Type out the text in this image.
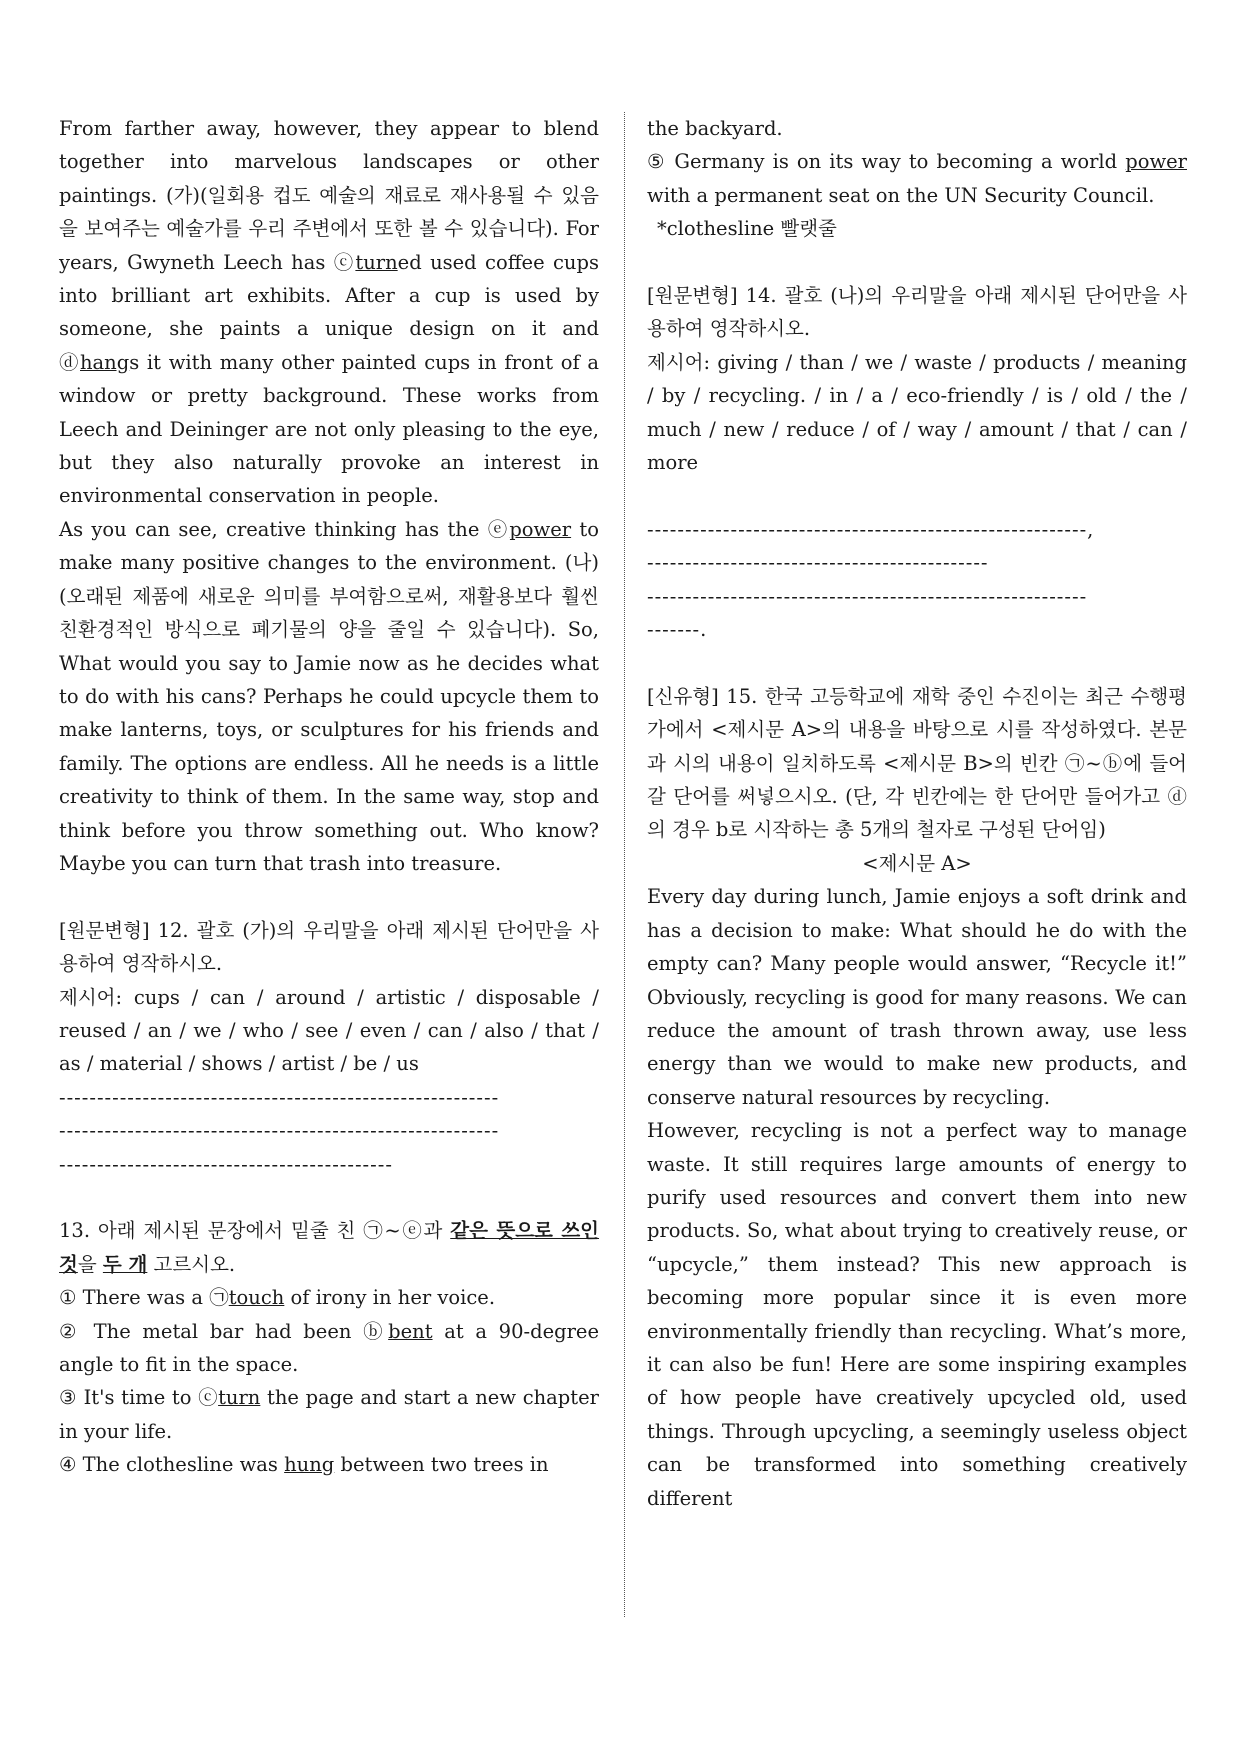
From farther away, however, they appear to blend together into marvelous landscapes or other paintings. (가)(일회용 컵도 예술의 재료로 재사용될 수 있음을 보여주는 예술가를 우리 주변에서 또한 볼 수 있습니다). For years, Gwyneth Leech has ⓒturned used coffee cups into brilliant art exhibits. After a cup is used by someone, she paints a unique design on it and ⓓhangs it with many other painted cups in front of a window or pretty background. These works from Leech and Deininger are not only pleasing to the eye, but they also naturally provoke an interest in environmental conservation in people.

As you can see, creative thinking has the ⓔpower to make many positive changes to the environment. (나)(오래된 제품에 새로운 의미를 부여함으로써, 재활용보다 훨씬 친환경적인 방식으로 폐기물의 양을 줄일 수 있습니다). So, What would you say to Jamie now as he decides what to do with his cans? Perhaps he could upcycle them to make lanterns, toys, or sculptures for his friends and family. The options are endless. All he needs is a little creativity to think of them. In the same way, stop and think before you throw something out. Who know? Maybe you can turn that trash into treasure.

[원문변형] 12. 괄호 (가)의 우리말을 아래 제시된 단어만을 사용하여 영작하시오.

제시어: cups / can / around / artistic / disposable / reused / an / we / who / see / even / can / also / that / as / material / shows / artist / be / us

----------------------------------------------------------

----------------------------------------------------------

--------------------------------------------

13. 아래 제시된 문장에서 밑줄 친 ㉠~ⓔ과 같은 뜻으로 쓰인 것을 두 개 고르시오.

① There was a ㉠touch of irony in her voice.

② The metal bar had been ⓑbent at a 90-degree angle to fit in the space.

③ It's time to ⓒturn the page and start a new chapter in your life.

④ The clothesline was hung between two trees in

the backyard.

⑤ Germany is on its way to becoming a world power with a permanent seat on the UN Security Council.

*clothesline 빨랫줄

[원문변형] 14. 괄호 (나)의 우리말을 아래 제시된 단어만을 사용하여 영작하시오.

제시어: giving / than / we / waste / products / meaning / by / recycling. / in / a / eco-friendly / is / old / the / much / new / reduce / of / way / amount / that / can / more

----------------------------------------------------------,

---------------------------------------------

----------------------------------------------------------

-------.

[신유형] 15. 한국 고등학교에 재학 중인 수진이는 최근 수행평가에서 <제시문 A>의 내용을 바탕으로 시를 작성하였다. 본문과 시의 내용이 일치하도록 <제시문 B>의 빈칸 ㉠~ⓑ에 들어갈 단어를 써넣으시오. (단, 각 빈칸에는 한 단어만 들어가고 ⓓ의 경우 b로 시작하는 총 5개의 철자로 구성된 단어임)

<제시문 A>

Every day during lunch, Jamie enjoys a soft drink and has a decision to make: What should he do with the empty can? Many people would answer, “Recycle it!” Obviously, recycling is good for many reasons. We can reduce the amount of trash thrown away, use less energy than we would to make new products, and conserve natural resources by recycling.

However, recycling is not a perfect way to manage waste. It still requires large amounts of energy to purify used resources and convert them into new products. So, what about trying to creatively reuse, or “upcycle,” them instead? This new approach is becoming more popular since it is even more environmentally friendly than recycling. What’s more, it can also be fun! Here are some inspiring examples of how people have creatively upcycled old, used things. Through upcycling, a seemingly useless object can be transformed into something creatively different
